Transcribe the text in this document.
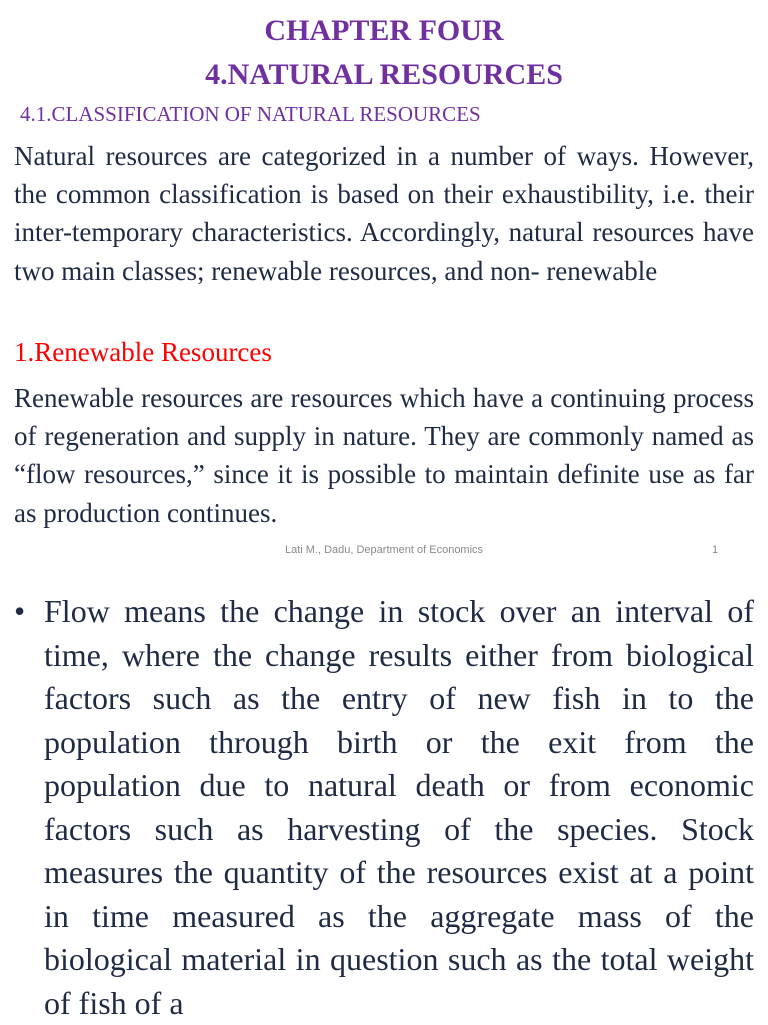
CHAPTER FOUR
4.NATURAL RESOURCES
4.1.CLASSIFICATION OF NATURAL RESOURCES

Natural resources are categorized in a number of ways. However, the common classification is based on their exhaustibility, i.e. their inter-temporary characteristics. Accordingly, natural resources have two main classes; renewable resources, and non- renewable

1.Renewable Resources

Renewable resources are resources which have a continuing process of regeneration and supply in nature. They are commonly named as “flow resources,” since it is possible to maintain definite use as far as production continues.

Lati M., Dadu, Department of Economics	1
• Flow means the change in stock over an interval of time, where the change results either from biological factors such as the entry of new fish in to the population through birth or the exit from the population due to natural death or from economic factors such as harvesting of the species. Stock measures the quantity of the resources exist at a point in time measured as the aggregate mass of the biological material in question such as the total weight of fish of a
